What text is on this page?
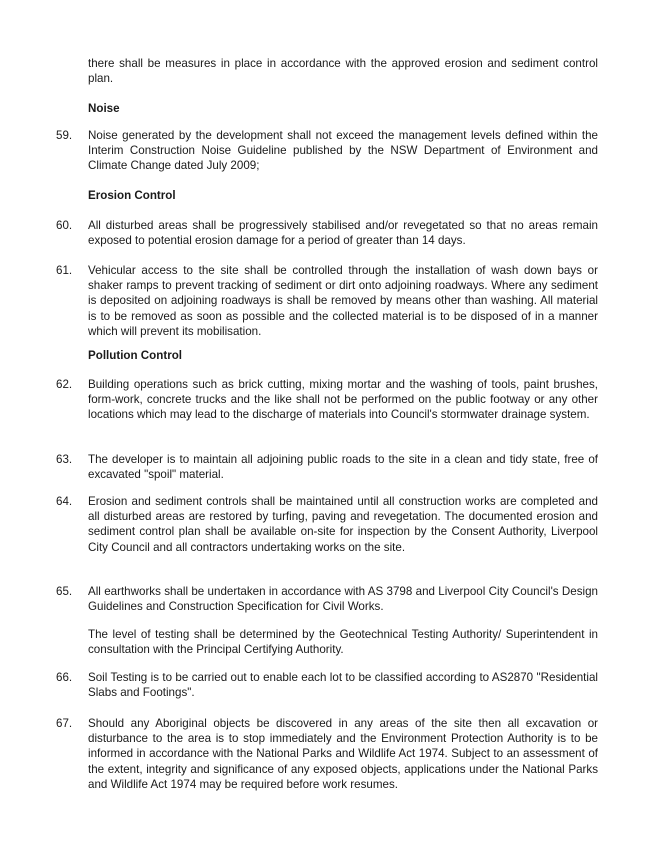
there shall be measures in place in accordance with the approved erosion and sediment control plan.

Noise

59. Noise generated by the development shall not exceed the management levels defined within the Interim Construction Noise Guideline published by the NSW Department of Environment and Climate Change dated July 2009;

Erosion Control

60. All disturbed areas shall be progressively stabilised and/or revegetated so that no areas remain exposed to potential erosion damage for a period of greater than 14 days.

61. Vehicular access to the site shall be controlled through the installation of wash down bays or shaker ramps to prevent tracking of sediment or dirt onto adjoining roadways. Where any sediment is deposited on adjoining roadways is shall be removed by means other than washing. All material is to be removed as soon as possible and the collected material is to be disposed of in a manner which will prevent its mobilisation.

Pollution Control

62. Building operations such as brick cutting, mixing mortar and the washing of tools, paint brushes, form-work, concrete trucks and the like shall not be performed on the public footway or any other locations which may lead to the discharge of materials into Council's stormwater drainage system.

63. The developer is to maintain all adjoining public roads to the site in a clean and tidy state, free of excavated "spoil" material.

64. Erosion and sediment controls shall be maintained until all construction works are completed and all disturbed areas are restored by turfing, paving and revegetation. The documented erosion and sediment control plan shall be available on-site for inspection by the Consent Authority, Liverpool City Council and all contractors undertaking works on the site.

65. All earthworks shall be undertaken in accordance with AS 3798 and Liverpool City Council's Design Guidelines and Construction Specification for Civil Works.

The level of testing shall be determined by the Geotechnical Testing Authority/ Superintendent in consultation with the Principal Certifying Authority.

66. Soil Testing is to be carried out to enable each lot to be classified according to AS2870 "Residential Slabs and Footings".

67. Should any Aboriginal objects be discovered in any areas of the site then all excavation or disturbance to the area is to stop immediately and the Environment Protection Authority is to be informed in accordance with the National Parks and Wildlife Act 1974. Subject to an assessment of the extent, integrity and significance of any exposed objects, applications under the National Parks and Wildlife Act 1974 may be required before work resumes.
